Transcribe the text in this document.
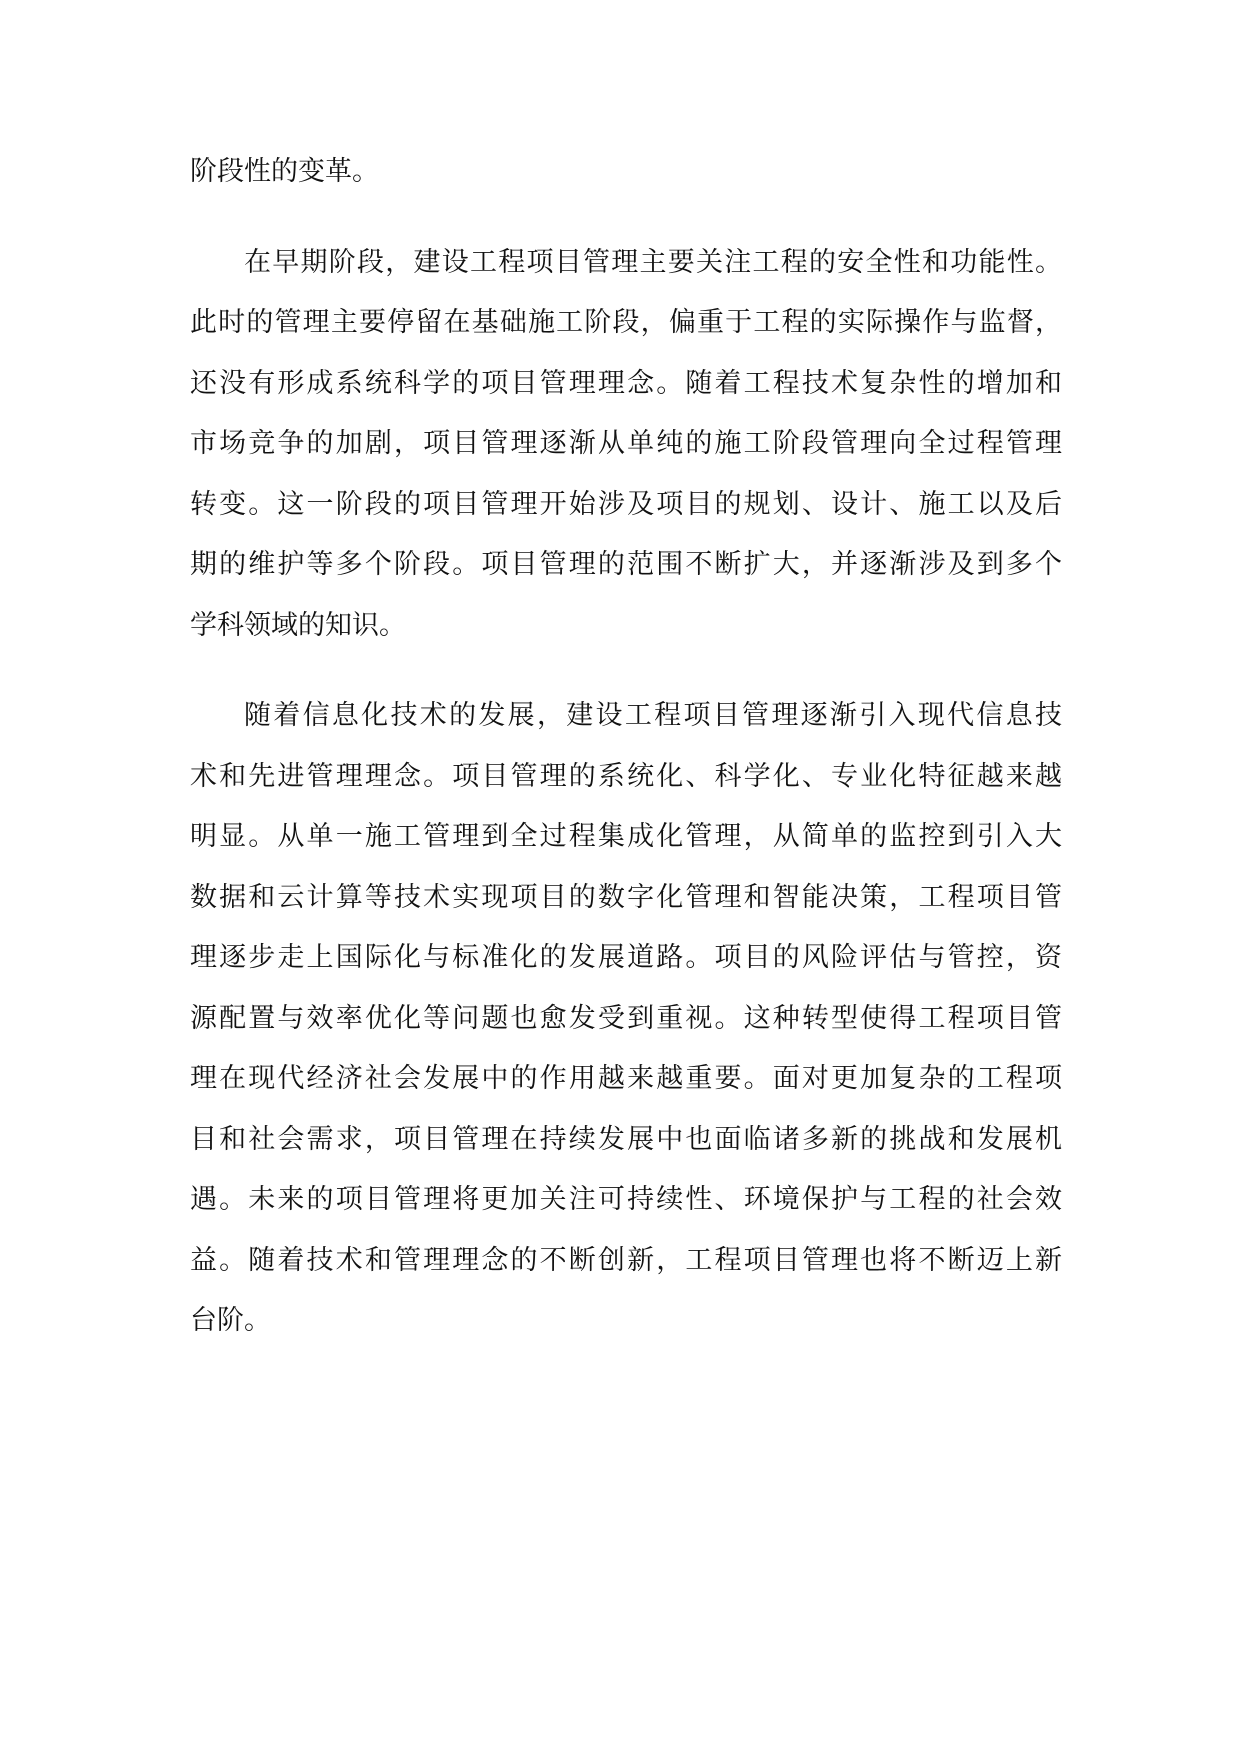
阶段性的变革。

在早期阶段，建设工程项目管理主要关注工程的安全性和功能性。
此时的管理主要停留在基础施工阶段，偏重于工程的实际操作与监督，
还没有形成系统科学的项目管理理念。随着工程技术复杂性的增加和
市场竞争的加剧，项目管理逐渐从单纯的施工阶段管理向全过程管理
转变。这一阶段的项目管理开始涉及项目的规划、设计、施工以及后
期的维护等多个阶段。项目管理的范围不断扩大，并逐渐涉及到多个
学科领域的知识。

随着信息化技术的发展，建设工程项目管理逐渐引入现代信息技
术和先进管理理念。项目管理的系统化、科学化、专业化特征越来越
明显。从单一施工管理到全过程集成化管理，从简单的监控到引入大
数据和云计算等技术实现项目的数字化管理和智能决策，工程项目管
理逐步走上国际化与标准化的发展道路。项目的风险评估与管控，资
源配置与效率优化等问题也愈发受到重视。这种转型使得工程项目管
理在现代经济社会发展中的作用越来越重要。面对更加复杂的工程项
目和社会需求，项目管理在持续发展中也面临诸多新的挑战和发展机
遇。未来的项目管理将更加关注可持续性、环境保护与工程的社会效
益。随着技术和管理理念的不断创新，工程项目管理也将不断迈上新
台阶。
